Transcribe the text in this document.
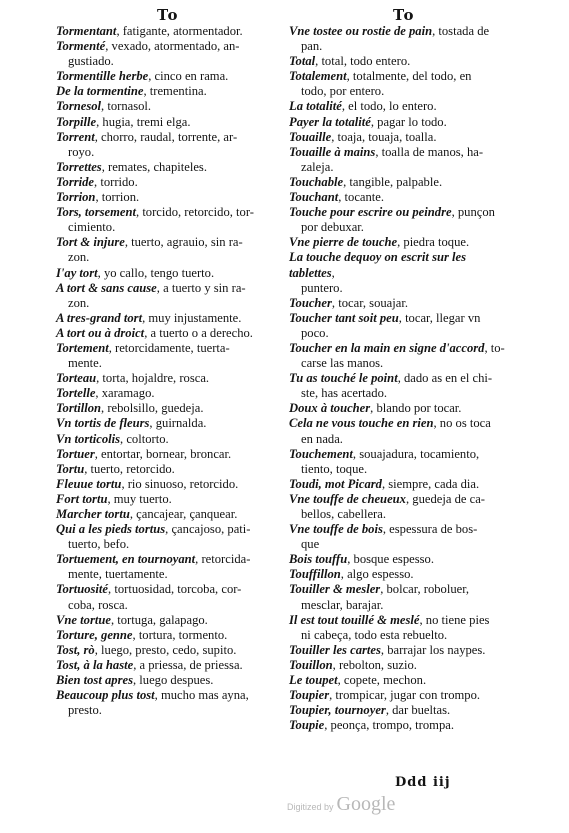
To	To

Tormentant, fatigante, atormentador.

Tormenté, vexado, atormentado, an-
gustiado.

Tormentille herbe, cinco en rama.

De la tormentine, trementina.

Tornesol, tornasol.

Torpille, hugia, tremi elga.

Torrent, chorro, raudal, torrente, ar-
royo.

Torrettes, remates, chapiteles.

Torride, torrido.

Torrion, torrion.

Tors, torsement, torcido, retorcido, tor-
cimiento.

Tort & injure, tuerto, agrauio, sin ra-
zon.

I'ay tort, yo callo, tengo tuerto.

A tort & sans cause, a tuerto y sin ra-
zon.

A tres-grand tort, muy injustamente.

A tort ou à droict, a tuerto o a derecho.

Tortement, retorcidamente, tuerta-
mente.

Torteau, torta, hojaldre, rosca.

Tortelle, xaramago.

Tortillon, rebolsillo, guedeja.

Vn tortis de fleurs, guirnalda.

Vn torticolis, coltorto.

Tortuer, entortar, bornear, broncar.

Tortu, tuerto, retorcido.

Fleuue tortu, rio sinuoso, retorcido.

Fort tortu, muy tuerto.

Marcher tortu, çancajear, çanquear.

Qui a les pieds tortus, çancajoso, pati-
tuerto, befo.

Tortuement, en tournoyant, retorcida-
mente, tuertamente.

Tortuosité, tortuosidad, torcoba, cor-
coba, rosca.

Vne tortue, tortuga, galapago.

Torture, genne, tortura, tormento.

Tost, rò, luego, presto, cedo, supito.

Tost, à la haste, a priessa, de priessa.

Bien tost apres, luego despues.

Beaucoup plus tost, mucho mas ayna,
presto.

Vne tostee ou rostie de pain, tostada de
pan.

Total, total, todo entero.

Totalement, totalmente, del todo, en
todo, por entero.

La totalité, el todo, lo entero.

Payer la totalité, pagar lo todo.

Touaille, toaja, touaja, toalla.

Touaille à mains, toalla de manos, ha-
zaleja.

Touchable, tangible, palpable.

Touchant, tocante.

Touche pour escrire ou peindre, punçon
por debuxar.

Vne pierre de touche, piedra toque.

La touche dequoy on escrit sur les tablettes,
puntero.

Toucher, tocar, souajar.

Toucher tant soit peu, tocar, llegar vn
poco.

Toucher en la main en signe d'accord, to-
carse las manos.

Tu as touché le point, dado as en el chi-
ste, has acertado.

Doux à toucher, blando por tocar.

Cela ne vous touche en rien, no os toca
en nada.

Touchement, souajadura, tocamiento,
tiento, toque.

Toudi, mot Picard, siempre, cada dia.

Vne touffe de cheueux, guedeja de ca-
bellos, cabellera.

Vne touffe de bois, espessura de bos-
que

Bois touffu, bosque espesso.

Touffillon, algo espesso.

Touiller & mesler, bolcar, roboluer,
mesclar, barajar.

Il est tout touillé & meslé, no tiene pies
ni cabeça, todo esta rebuelto.

Touiller les cartes, barrajar los naypes.

Touillon, rebolton, suzio.

Le toupet, copete, mechon.

Toupier, trompicar, jugar con trompo.

Toupier, tournoyer, dar bueltas.

Toupie, peonça, trompo, trompa.

Ddd iij
Digitized by Google
